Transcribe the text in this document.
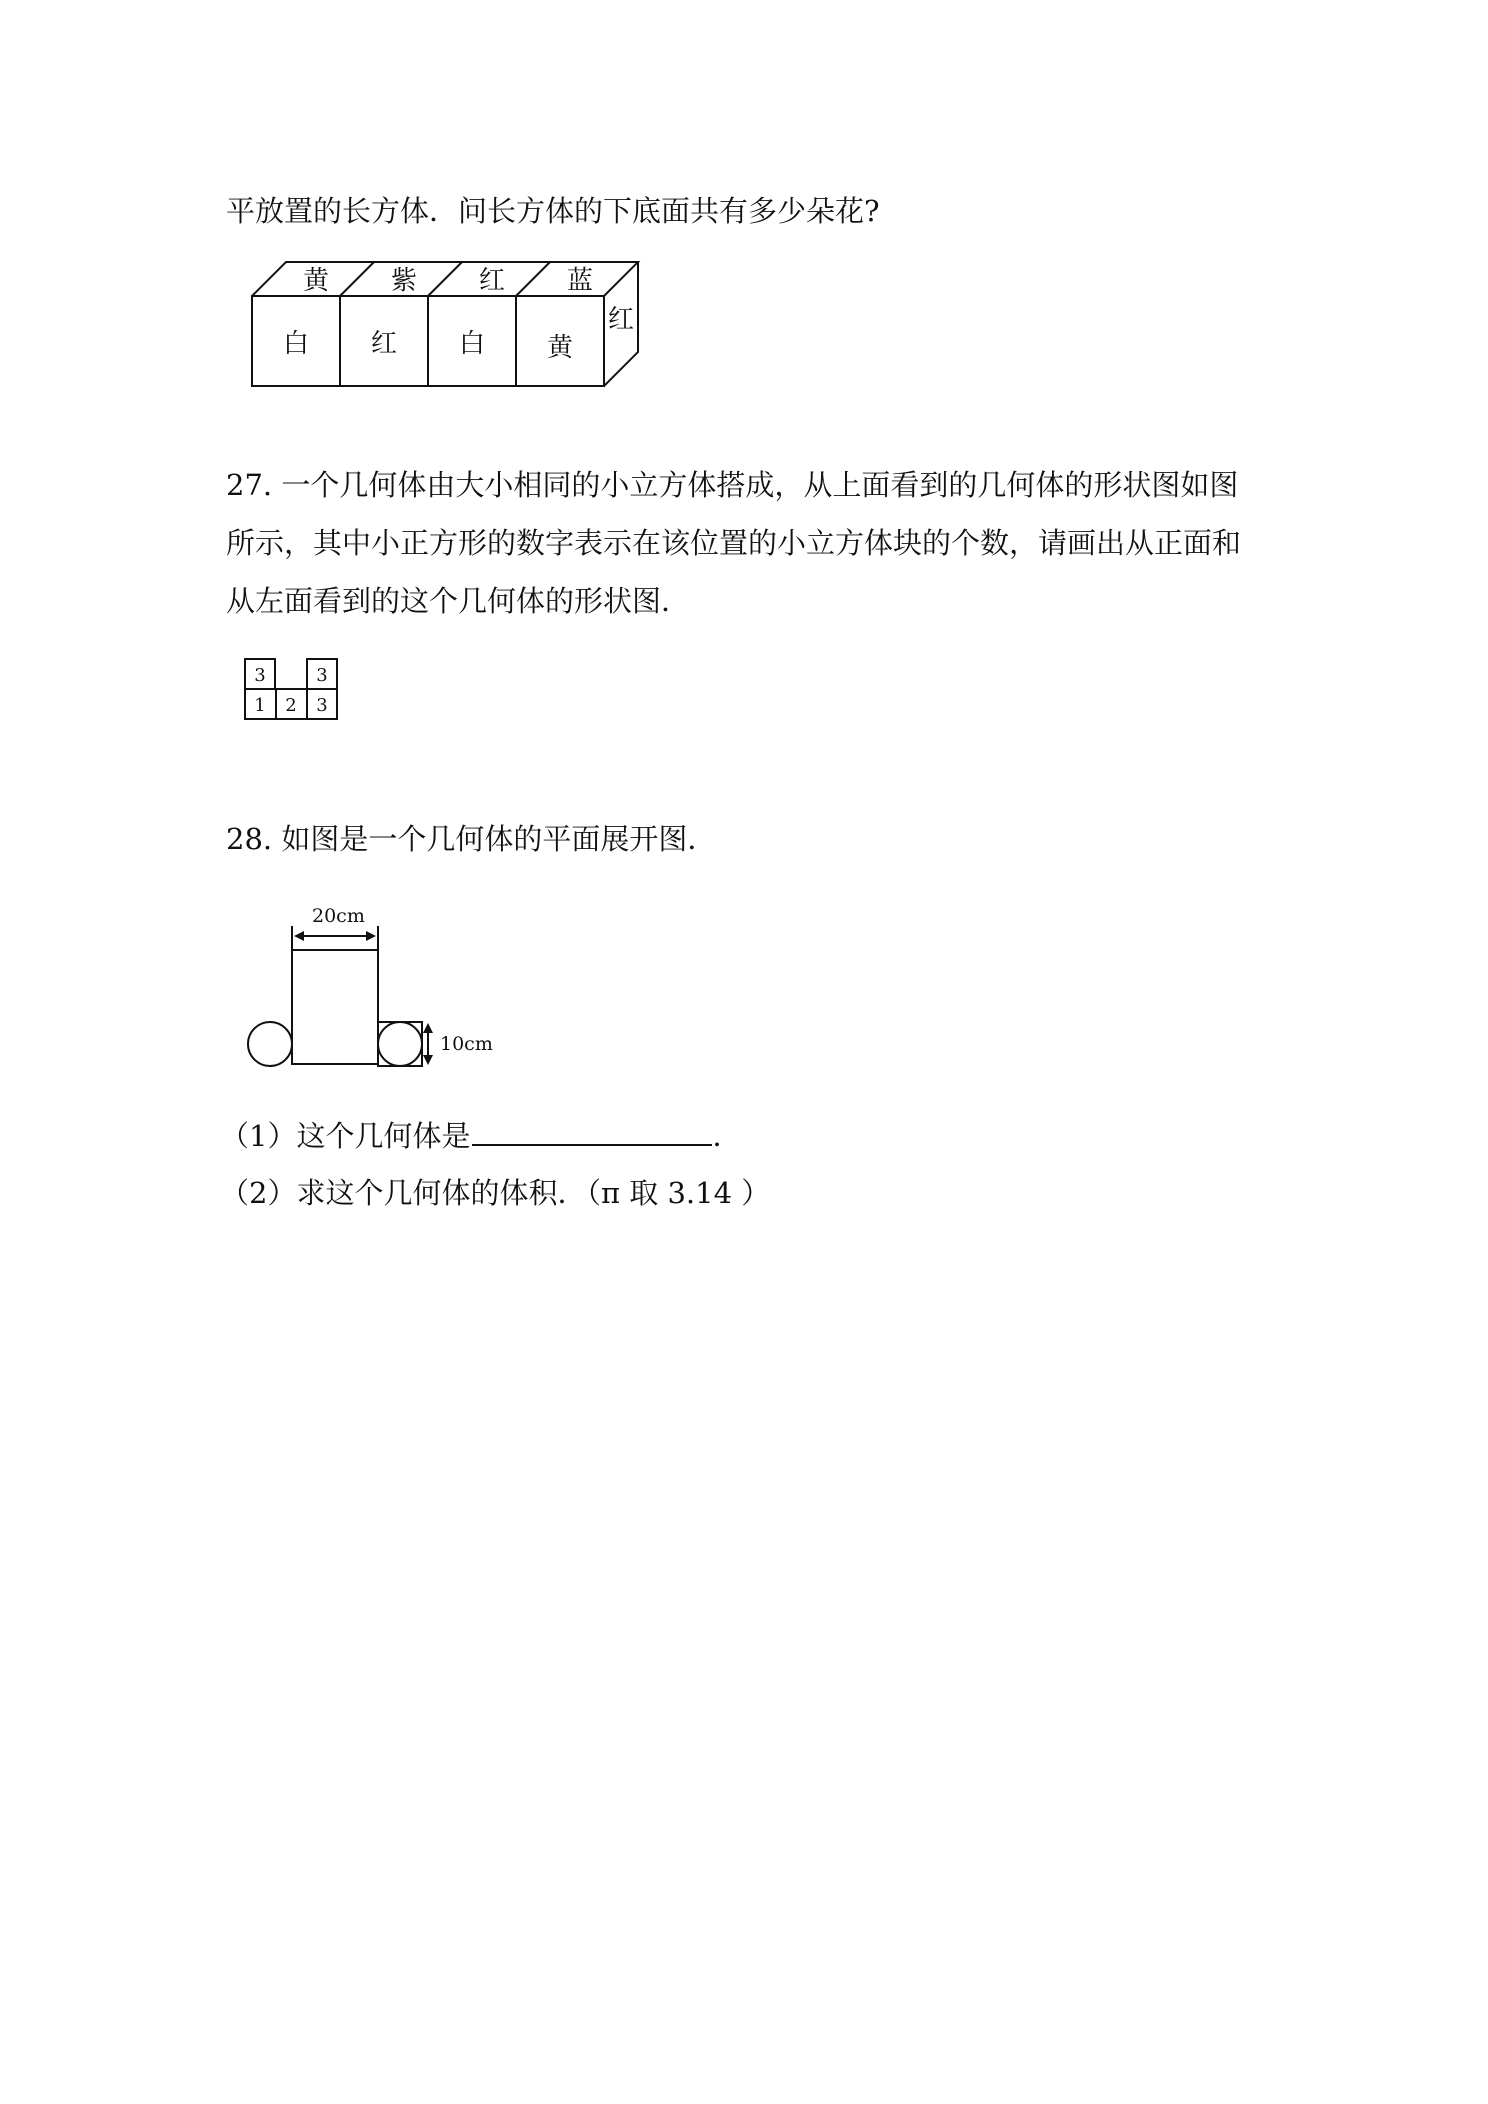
平放置的长方体．问长方体的下底面共有多少朵花?
黄 紫 红 蓝
白 红 白 黄
红
27. 一个几何体由大小相同的小立方体搭成，从上面看到的几何体的形状图如图
所示，其中小正方形的数字表示在该位置的小立方体块的个数，请画出从正面和
从左面看到的这个几何体的形状图．
3	3
1 2 3
28. 如图是一个几何体的平面展开图．
20cm
10cm
（1）这个几何体是	．
（2）求这个几何体的体积．（π 取 3.14 ）
